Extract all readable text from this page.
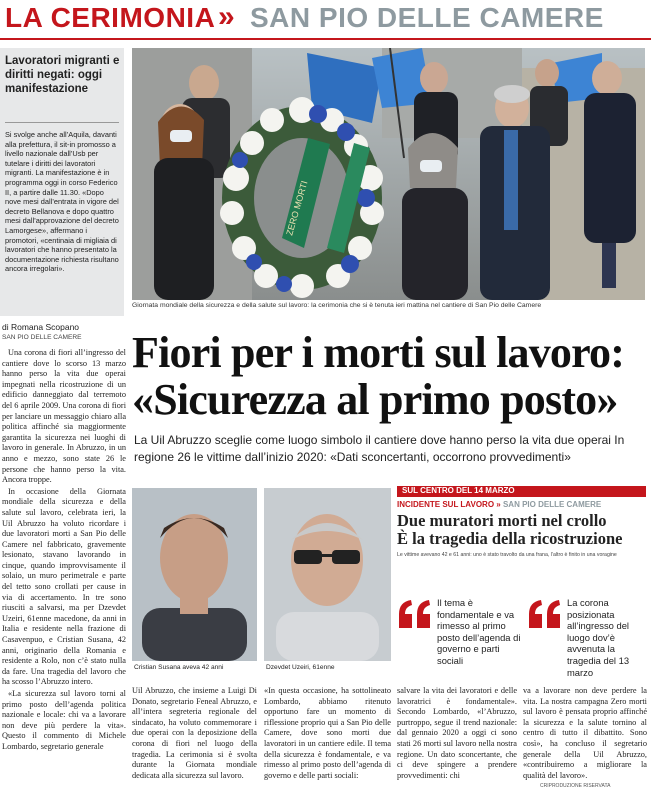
LA CERIMONIA » SAN PIO DELLE CAMERE
Lavoratori migranti e diritti negati: oggi manifestazione
Si svolge anche all’Aquila, davanti alla prefettura, il sit-in promosso a livello nazionale dall’Usb per tutelare i diritti dei lavoratori migranti. La manifestazione è in programma oggi in corso Federico II, a partire dalle 11.30. «Dopo nove mesi dall’entrata in vigore del decreto Bellanova e dopo quattro mesi dall’approvazione del decreto Lamorgese», affermano i promotori, «centinaia di migliaia di lavoratori che hanno presentato la documentazione richiesta risultano ancora irregolari».
ZERO MORTI
Giornata mondiale della sicurezza e della salute sul lavoro: la cerimonia che si è tenuta ieri mattina nel cantiere di San Pio delle Camere
di Romana Scopano
SAN PIO DELLE CAMERE	Fiori per i morti sul lavoro:
«Sicurezza al primo posto»
La Uil Abruzzo sceglie come luogo simbolo il cantiere dove hanno perso la vita due operai In regione 26 le vittime dall’inizio 2020: «Dati sconcertanti, occorrono provvedimenti»

Una corona di fiori all’ingresso del cantiere dove lo scorso 13 marzo hanno perso la vita due operai impegnati nella ricostruzione di un edificio danneggiato dal terremoto del 6 aprile 2009. Una corona di fiori per lanciare un messaggio chiaro alla politica affinché sia maggiormente garantita la sicurezza nei luoghi di lavoro in generale. In Abruzzo, in un anno e mezzo, sono state 26 le persone che hanno perso la vita. Ancora troppe.

In occasione della Giornata mondiale della sicurezza e della salute sul lavoro, celebrata ieri, la Uil Abruzzo ha voluto ricordare i due lavoratori morti a San Pio delle Camere nel fabbricato, gravemente lesionato, stavano lavorando in cinque, quando improvvisamente il solaio, un muro perimetrale e parte del tetto sono crollati per cause in via di accertamento. In tre sono riusciti a salvarsi, ma per Dzevdet Uzeiri, 61enne macedone, da anni in Italia e residente nella frazione di Casavenpuo, e Cristian Susana, 42 anni, originario della Romania e residente a Rolo, non c’è stato nulla da fare. Una tragedia del lavoro che ha scosso l’Abruzzo intero.

«La sicurezza sul lavoro torni al primo posto dell’agenda politica nazionale e locale: chi va a lavorare non deve più perdere la vita». Questo il commento di Michele Lombardo, segretario generale

Cristian Susana aveva 42 anni	Dzevdet Uzeiri, 61enne
SUL CENTRO DEL 14 MARZO
INCIDENTE SUL LAVORO » SAN PIO DELLE CAMERE
Due muratori morti nel crollo
È la tragedia della ricostruzione
Le vittime avevano 42 e 61 anni: uno è stato travolto da una frana, l’altro è finito in una voragine
Il tema è fondamentale e va rimesso al primo posto dell’agenda di governo e parti sociali
La corona posizionata all’ingresso del luogo dov’è avvenuta la tragedia del 13 marzo

Uil Abruzzo, che insieme a Luigi Di Donato, segretario Feneal Abruzzo, e all’intera segreteria regionale del sindacato, ha voluto commemorare i due operai con la deposizione della corona di fiori nel luogo della tragedia. La cerimonia si è svolta durante la Giornata mondiale dedicata alla sicurezza sul lavoro.

«In questa occasione, ha sottolineato Lombardo, abbiamo ritenuto opportuno fare un momento di riflessione proprio qui a San Pio delle Camere, dove sono morti due lavoratori in un cantiere edile. Il tema della sicurezza è fondamentale, e va rimesso al primo posto dell’agenda di governo e delle parti sociali:

salvare la vita dei lavoratori e delle lavoratrici è fondamentale». Secondo Lombardo, «l’Abruzzo, purtroppo, segue il trend nazionale: dal gennaio 2020 a oggi ci sono stati 26 morti sul lavoro nella nostra regione. Un dato sconcertante, che ci deve spingere a prendere provvedimenti: chi

va a lavorare non deve perdere la vita. La nostra campagna Zero morti sul lavoro è pensata proprio affinché la sicurezza e la salute tornino al centro di tutto il dibattito. Sono così», ha concluso il segretario generale della Uil Abruzzo, «contribuiremo a migliorare la qualità del lavoro».

CRIPRODUZIONE RISERVATA
